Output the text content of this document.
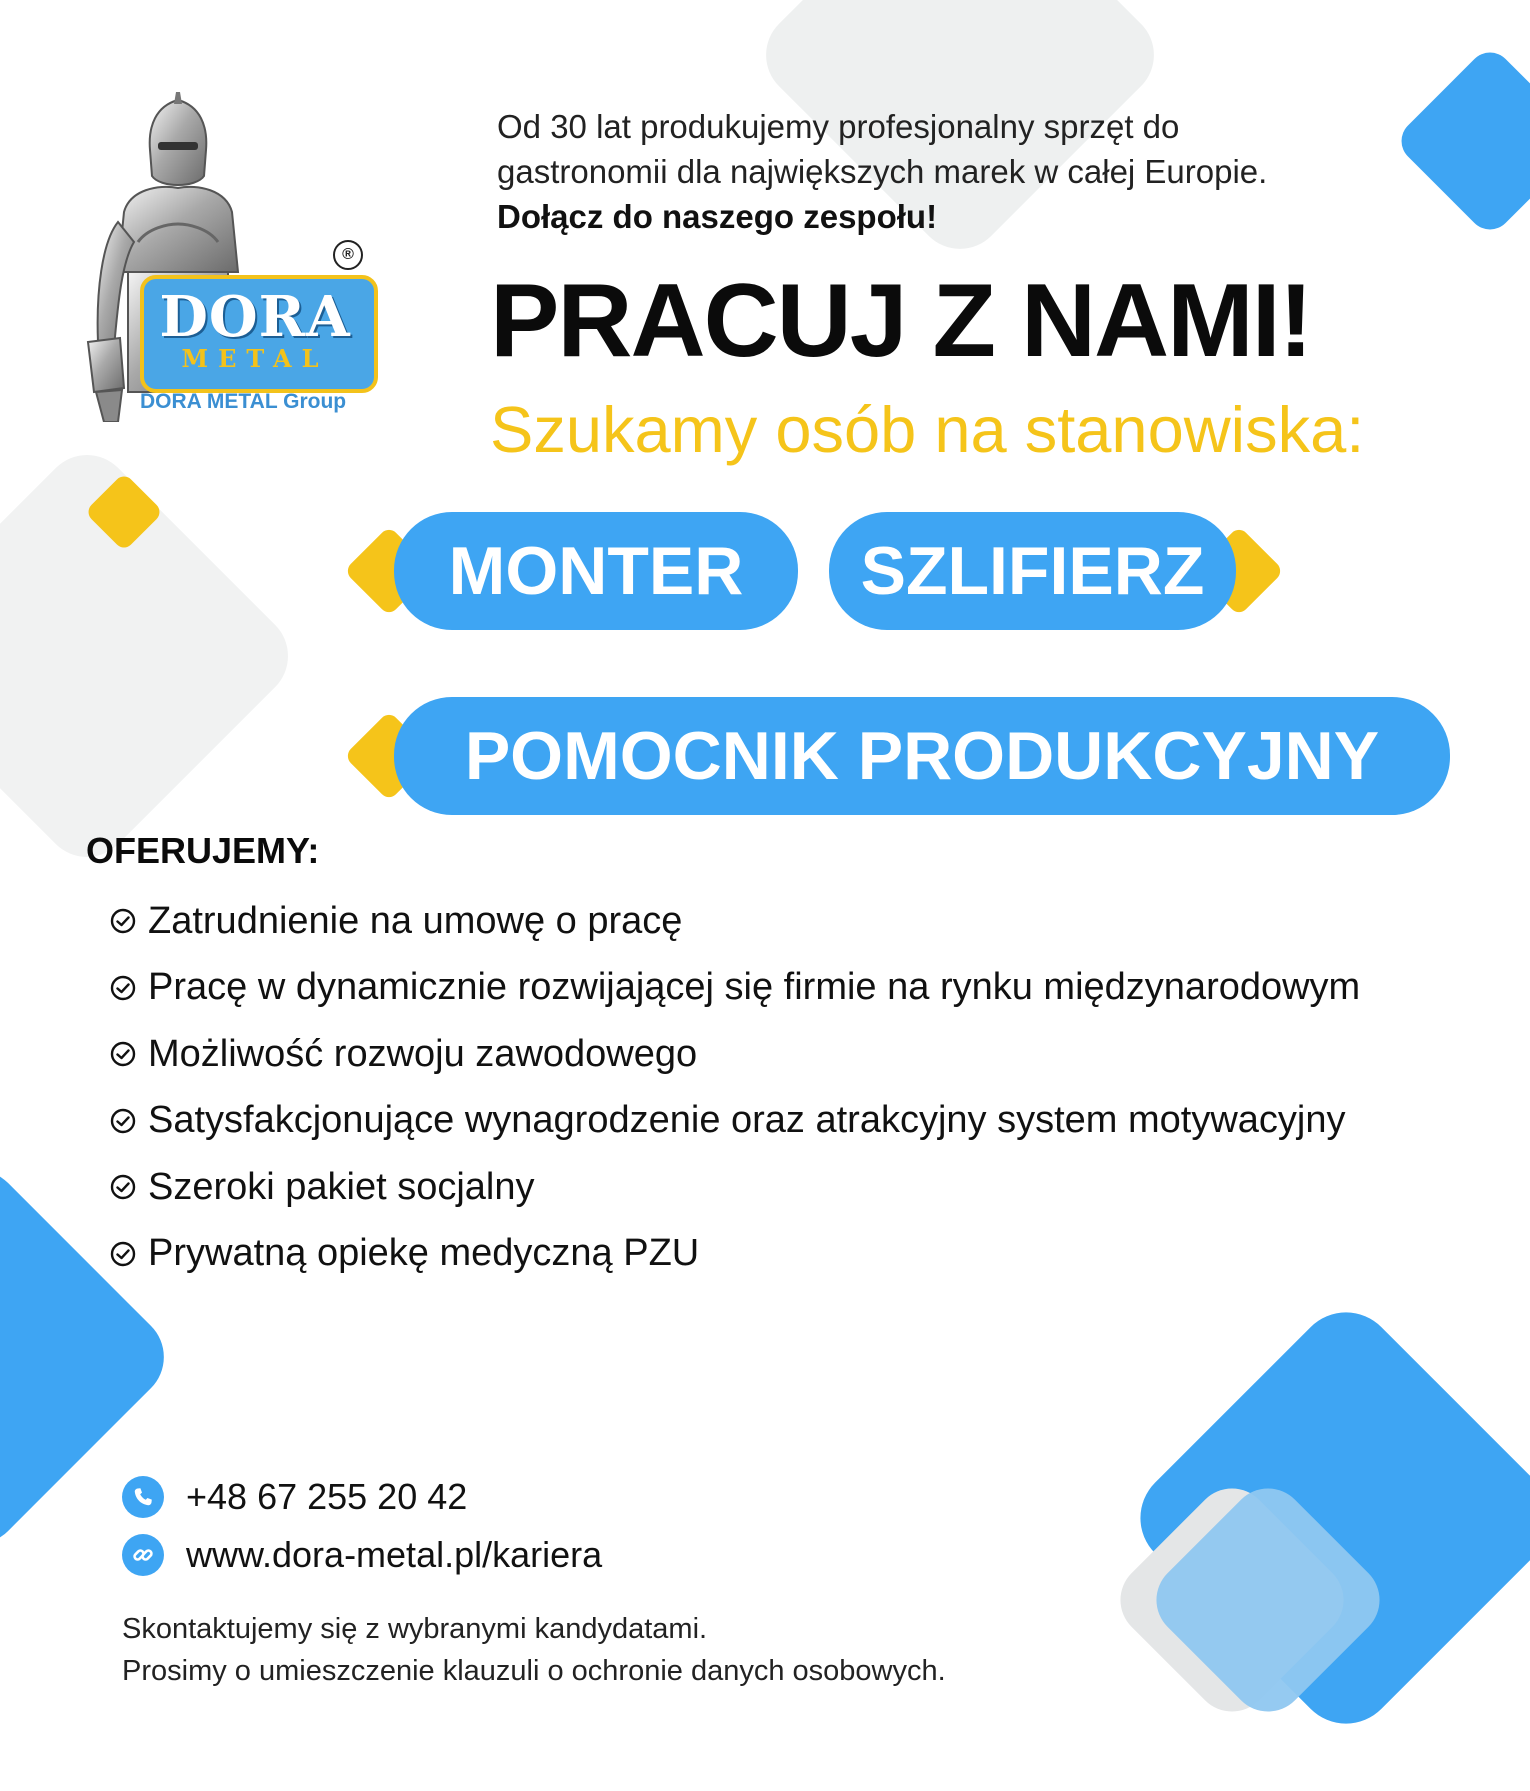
DORA
METAL
®
DORA METAL Group
Od 30 lat produkujemy profesjonalny sprzęt do
gastronomii dla największych marek w całej Europie.
Dołącz do naszego zespołu!
PRACUJ Z NAMI!
Szukamy osób na stanowiska:
MONTER	SZLIFIERZ
POMOCNIK PRODUKCYJNY
OFERUJEMY:
Zatrudnienie na umowę o pracę
Pracę w dynamicznie rozwijającej się firmie na rynku międzynarodowym
Możliwość rozwoju zawodowego
Satysfakcjonujące wynagrodzenie oraz atrakcyjny system motywacyjny
Szeroki pakiet socjalny
Prywatną opiekę medyczną PZU
+48 67 255 20 42
www.dora-metal.pl/kariera
Skontaktujemy się z wybranymi kandydatami.
Prosimy o umieszczenie klauzuli o ochronie danych osobowych.
